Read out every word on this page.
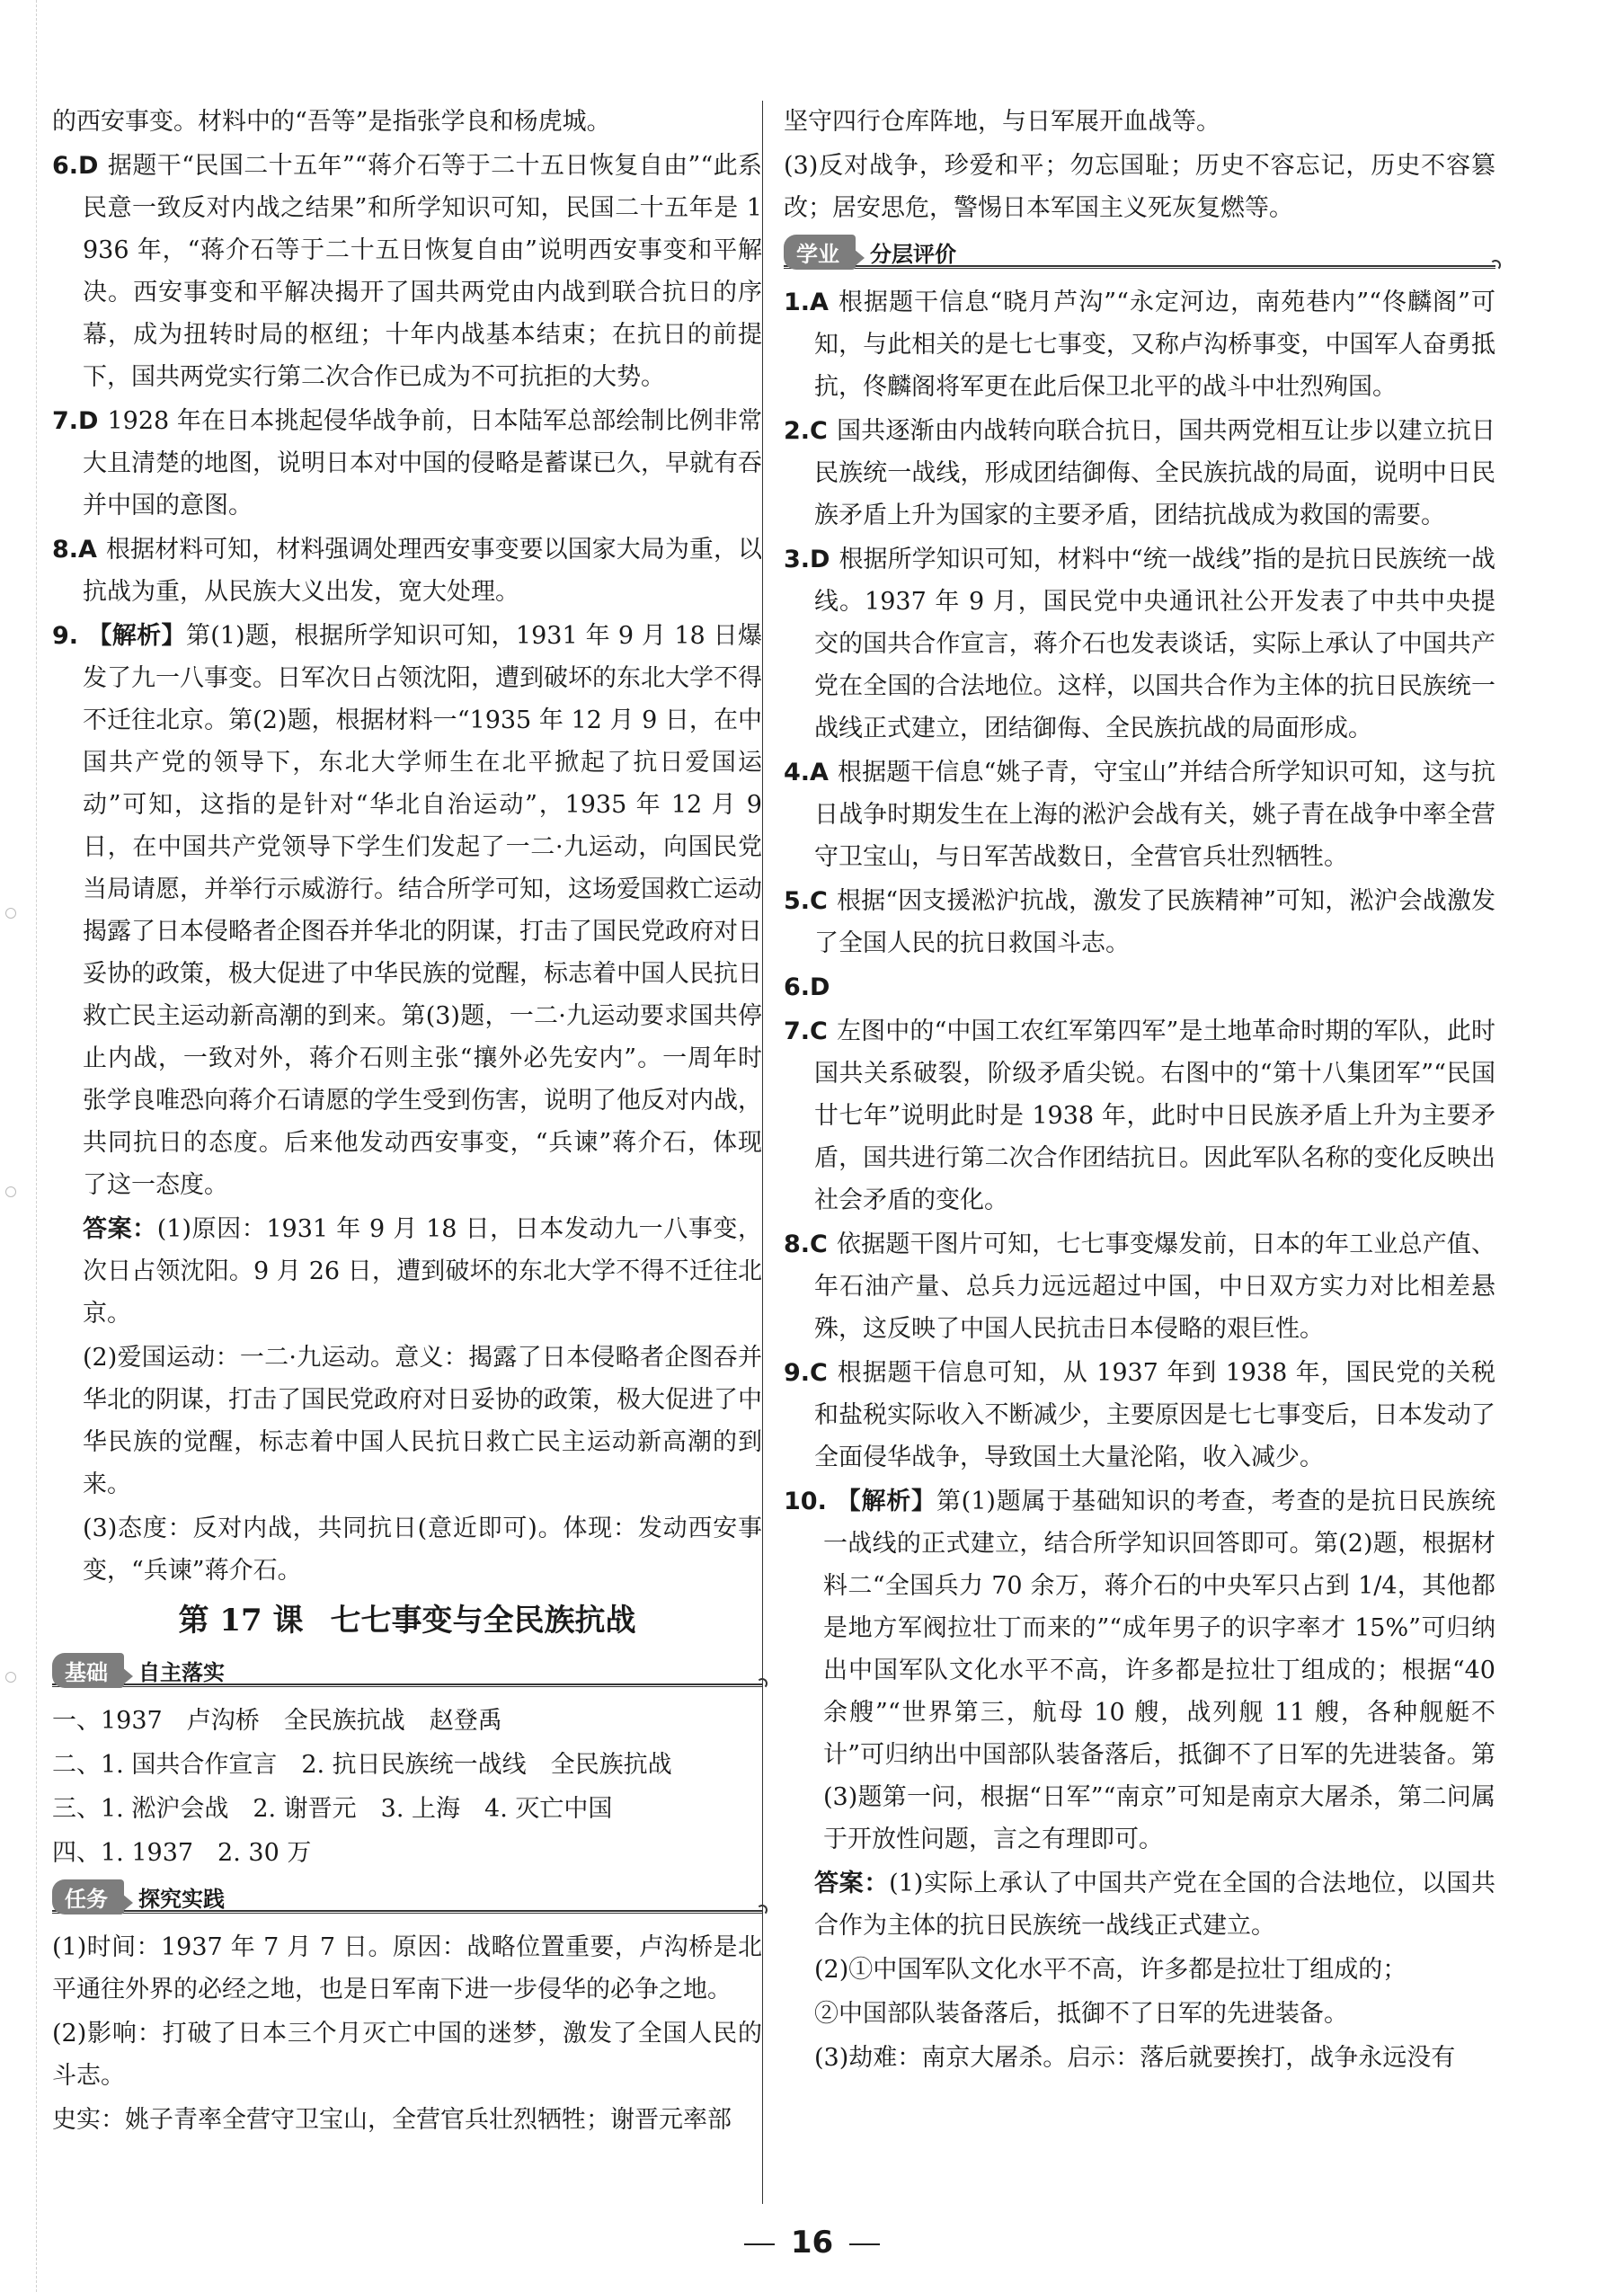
的西安事变。材料中的“吾等”是指张学良和杨虎城。

6.D 据题干“民国二十五年”“蒋介石等于二十五日恢复自由”“此系民意一致反对内战之结果”和所学知识可知，民国二十五年是 1936 年，“蒋介石等于二十五日恢复自由”说明西安事变和平解决。西安事变和平解决揭开了国共两党由内战到联合抗日的序幕，成为扭转时局的枢纽；十年内战基本结束；在抗日的前提下，国共两党实行第二次合作已成为不可抗拒的大势。

7.D 1928 年在日本挑起侵华战争前，日本陆军总部绘制比例非常大且清楚的地图，说明日本对中国的侵略是蓄谋已久，早就有吞并中国的意图。

8.A 根据材料可知，材料强调处理西安事变要以国家大局为重，以抗战为重，从民族大义出发，宽大处理。

9. 【解析】第(1)题，根据所学知识可知，1931 年 9 月 18 日爆发了九一八事变。日军次日占领沈阳，遭到破坏的东北大学不得不迁往北京。第(2)题，根据材料一“1935 年 12 月 9 日，在中国共产党的领导下，东北大学师生在北平掀起了抗日爱国运动”可知，这指的是针对“华北自治运动”，1935 年 12 月 9 日，在中国共产党领导下学生们发起了一二·九运动，向国民党当局请愿，并举行示威游行。结合所学可知，这场爱国救亡运动揭露了日本侵略者企图吞并华北的阴谋，打击了国民党政府对日妥协的政策，极大促进了中华民族的觉醒，标志着中国人民抗日救亡民主运动新高潮的到来。第(3)题，一二·九运动要求国共停止内战，一致对外，蒋介石则主张“攘外必先安内”。一周年时张学良唯恐向蒋介石请愿的学生受到伤害，说明了他反对内战，共同抗日的态度。后来他发动西安事变，“兵谏”蒋介石，体现了这一态度。

答案：(1)原因：1931 年 9 月 18 日，日本发动九一八事变，次日占领沈阳。9 月 26 日，遭到破坏的东北大学不得不迁往北京。

(2)爱国运动：一二·九运动。意义：揭露了日本侵略者企图吞并华北的阴谋，打击了国民党政府对日妥协的政策，极大促进了中华民族的觉醒，标志着中国人民抗日救亡民主运动新高潮的到来。

(3)态度：反对内战，共同抗日(意近即可)。体现：发动西安事变，“兵谏”蒋介石。

第 17 课 七七事变与全民族抗战
基础 自主落实

一、1937　卢沟桥　全民族抗战　赵登禹

二、1. 国共合作宣言　2. 抗日民族统一战线　全民族抗战

三、1. 淞沪会战　2. 谢晋元　3. 上海　4. 灭亡中国

四、1. 1937　2. 30 万

任务 探究实践

(1)时间：1937 年 7 月 7 日。原因：战略位置重要，卢沟桥是北平通往外界的必经之地，也是日军南下进一步侵华的必争之地。

(2)影响：打破了日本三个月灭亡中国的迷梦，激发了全国人民的斗志。

史实：姚子青率全营守卫宝山，全营官兵壮烈牺牲；谢晋元率部

坚守四行仓库阵地，与日军展开血战等。

(3)反对战争，珍爱和平；勿忘国耻；历史不容忘记，历史不容篡改；居安思危，警惕日本军国主义死灰复燃等。

学业 分层评价

1.A 根据题干信息“晓月芦沟”“永定河边，南苑巷内”“佟麟阁”可知，与此相关的是七七事变，又称卢沟桥事变，中国军人奋勇抵抗，佟麟阁将军更在此后保卫北平的战斗中壮烈殉国。

2.C 国共逐渐由内战转向联合抗日，国共两党相互让步以建立抗日民族统一战线，形成团结御侮、全民族抗战的局面，说明中日民族矛盾上升为国家的主要矛盾，团结抗战成为救国的需要。

3.D 根据所学知识可知，材料中“统一战线”指的是抗日民族统一战线。1937 年 9 月，国民党中央通讯社公开发表了中共中央提交的国共合作宣言，蒋介石也发表谈话，实际上承认了中国共产党在全国的合法地位。这样，以国共合作为主体的抗日民族统一战线正式建立，团结御侮、全民族抗战的局面形成。

4.A 根据题干信息“姚子青，守宝山”并结合所学知识可知，这与抗日战争时期发生在上海的淞沪会战有关，姚子青在战争中率全营守卫宝山，与日军苦战数日，全营官兵壮烈牺牲。

5.C 根据“因支援淞沪抗战，激发了民族精神”可知，淞沪会战激发了全国人民的抗日救国斗志。

6.D

7.C 左图中的“中国工农红军第四军”是土地革命时期的军队，此时国共关系破裂，阶级矛盾尖锐。右图中的“第十八集团军”“民国廿七年”说明此时是 1938 年，此时中日民族矛盾上升为主要矛盾，国共进行第二次合作团结抗日。因此军队名称的变化反映出社会矛盾的变化。

8.C 依据题干图片可知，七七事变爆发前，日本的年工业总产值、年石油产量、总兵力远远超过中国，中日双方实力对比相差悬殊，这反映了中国人民抗击日本侵略的艰巨性。

9.C 根据题干信息可知，从 1937 年到 1938 年，国民党的关税和盐税实际收入不断减少，主要原因是七七事变后，日本发动了全面侵华战争，导致国土大量沦陷，收入减少。

10. 【解析】第(1)题属于基础知识的考查，考查的是抗日民族统一战线的正式建立，结合所学知识回答即可。第(2)题，根据材料二“全国兵力 70 余万，蒋介石的中央军只占到 1/4，其他都是地方军阀拉壮丁而来的”“成年男子的识字率才 15%”可归纳出中国军队文化水平不高，许多都是拉壮丁组成的；根据“40 余艘”“世界第三，航母 10 艘，战列舰 11 艘，各种舰艇不计”可归纳出中国部队装备落后，抵御不了日军的先进装备。第(3)题第一问，根据“日军”“南京”可知是南京大屠杀，第二问属于开放性问题，言之有理即可。

答案：(1)实际上承认了中国共产党在全国的合法地位，以国共合作为主体的抗日民族统一战线正式建立。

(2)①中国军队文化水平不高，许多都是拉壮丁组成的；

②中国部队装备落后，抵御不了日军的先进装备。

(3)劫难：南京大屠杀。启示：落后就要挨打，战争永远没有

16
